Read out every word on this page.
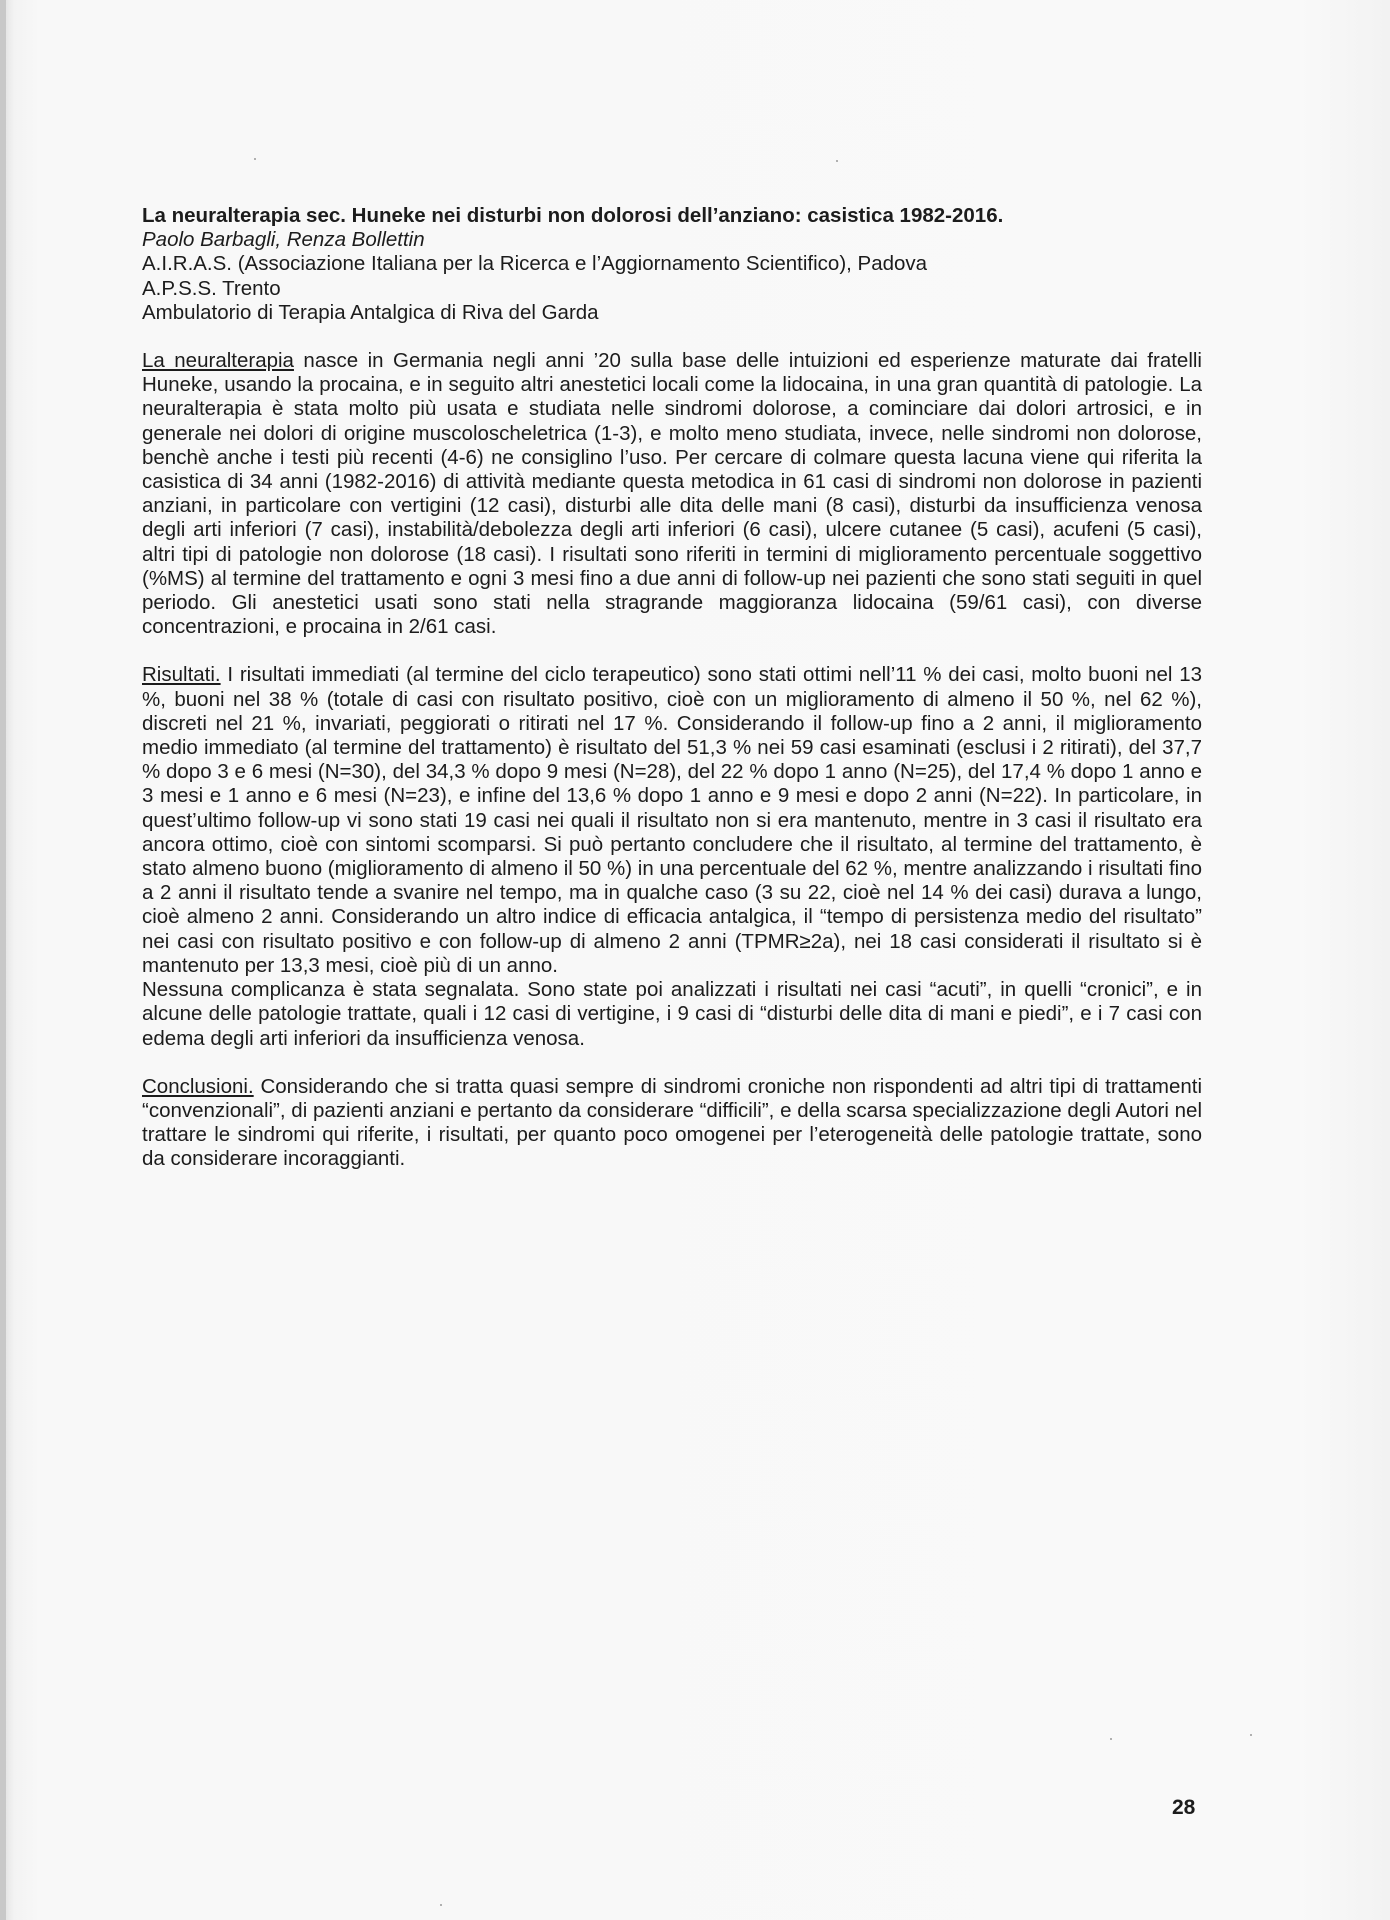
La neuralterapia sec. Huneke nei disturbi non dolorosi dell’anziano: casistica 1982-2016.

Paolo Barbagli, Renza Bollettin

A.I.R.A.S. (Associazione Italiana per la Ricerca e l’Aggiornamento Scientifico), Padova

A.P.S.S. Trento

Ambulatorio di Terapia Antalgica di Riva del Garda

La neuralterapia nasce in Germania negli anni ’20 sulla base delle intuizioni ed esperienze maturate dai fratelli Huneke, usando la procaina, e in seguito altri anestetici locali come la lidocaina, in una gran quantità di patologie. La neuralterapia è stata molto più usata e studiata nelle sindromi dolorose, a cominciare dai dolori artrosici, e in generale nei dolori di origine muscoloscheletrica (1-3), e molto meno studiata, invece, nelle sindromi non dolorose, benchè anche i testi più recenti (4-6) ne consiglino l’uso. Per cercare di colmare questa lacuna viene qui riferita la casistica di 34 anni (1982-2016) di attività mediante questa metodica in 61 casi di sindromi non dolorose in pazienti anziani, in particolare con vertigini (12 casi), disturbi alle dita delle mani (8 casi), disturbi da insufficienza venosa degli arti inferiori (7 casi), instabilità/debolezza degli arti inferiori (6 casi), ulcere cutanee (5 casi), acufeni (5 casi), altri tipi di patologie non dolorose (18 casi). I risultati sono riferiti in termini di miglioramento percentuale soggettivo (%MS) al termine del trattamento e ogni 3 mesi fino a due anni di follow-up nei pazienti che sono stati seguiti in quel periodo. Gli anestetici usati sono stati nella stragrande maggioranza lidocaina (59/61 casi), con diverse concentrazioni, e procaina in 2/61 casi.

Risultati. I risultati immediati (al termine del ciclo terapeutico) sono stati ottimi nell’11 % dei casi, molto buoni nel 13 %, buoni nel 38 % (totale di casi con risultato positivo, cioè con un miglioramento di almeno il 50 %, nel 62 %), discreti nel 21 %, invariati, peggiorati o ritirati nel 17 %. Considerando il follow-up fino a 2 anni, il miglioramento medio immediato (al termine del trattamento) è risultato del 51,3 % nei 59 casi esaminati (esclusi i 2 ritirati), del 37,7 % dopo 3 e 6 mesi (N=30), del 34,3 % dopo 9 mesi (N=28), del 22 % dopo 1 anno (N=25), del 17,4 % dopo 1 anno e 3 mesi e 1 anno e 6 mesi (N=23), e infine del 13,6 % dopo 1 anno e 9 mesi e dopo 2 anni (N=22). In particolare, in quest’ultimo follow-up vi sono stati 19 casi nei quali il risultato non si era mantenuto, mentre in 3 casi il risultato era ancora ottimo, cioè con sintomi scomparsi. Si può pertanto concludere che il risultato, al termine del trattamento, è stato almeno buono (miglioramento di almeno il 50 %) in una percentuale del 62 %, mentre analizzando i risultati fino a 2 anni il risultato tende a svanire nel tempo, ma in qualche caso (3 su 22, cioè nel 14 % dei casi) durava a lungo, cioè almeno 2 anni. Considerando un altro indice di efficacia antalgica, il “tempo di persistenza medio del risultato” nei casi con risultato positivo e con follow-up di almeno 2 anni (TPMR≥2a), nei 18 casi considerati il risultato si è mantenuto per 13,3 mesi, cioè più di un anno.

Nessuna complicanza è stata segnalata. Sono state poi analizzati i risultati nei casi “acuti”, in quelli “cronici”, e in alcune delle patologie trattate, quali i 12 casi di vertigine, i 9 casi di “disturbi delle dita di mani e piedi”, e i 7 casi con edema degli arti inferiori da insufficienza venosa.

Conclusioni. Considerando che si tratta quasi sempre di sindromi croniche non rispondenti ad altri tipi di trattamenti “convenzionali”, di pazienti anziani e pertanto da considerare “difficili”, e della scarsa specializzazione degli Autori nel trattare le sindromi qui riferite, i risultati, per quanto poco omogenei per l’eterogeneità delle patologie trattate, sono da considerare incoraggianti.

28
